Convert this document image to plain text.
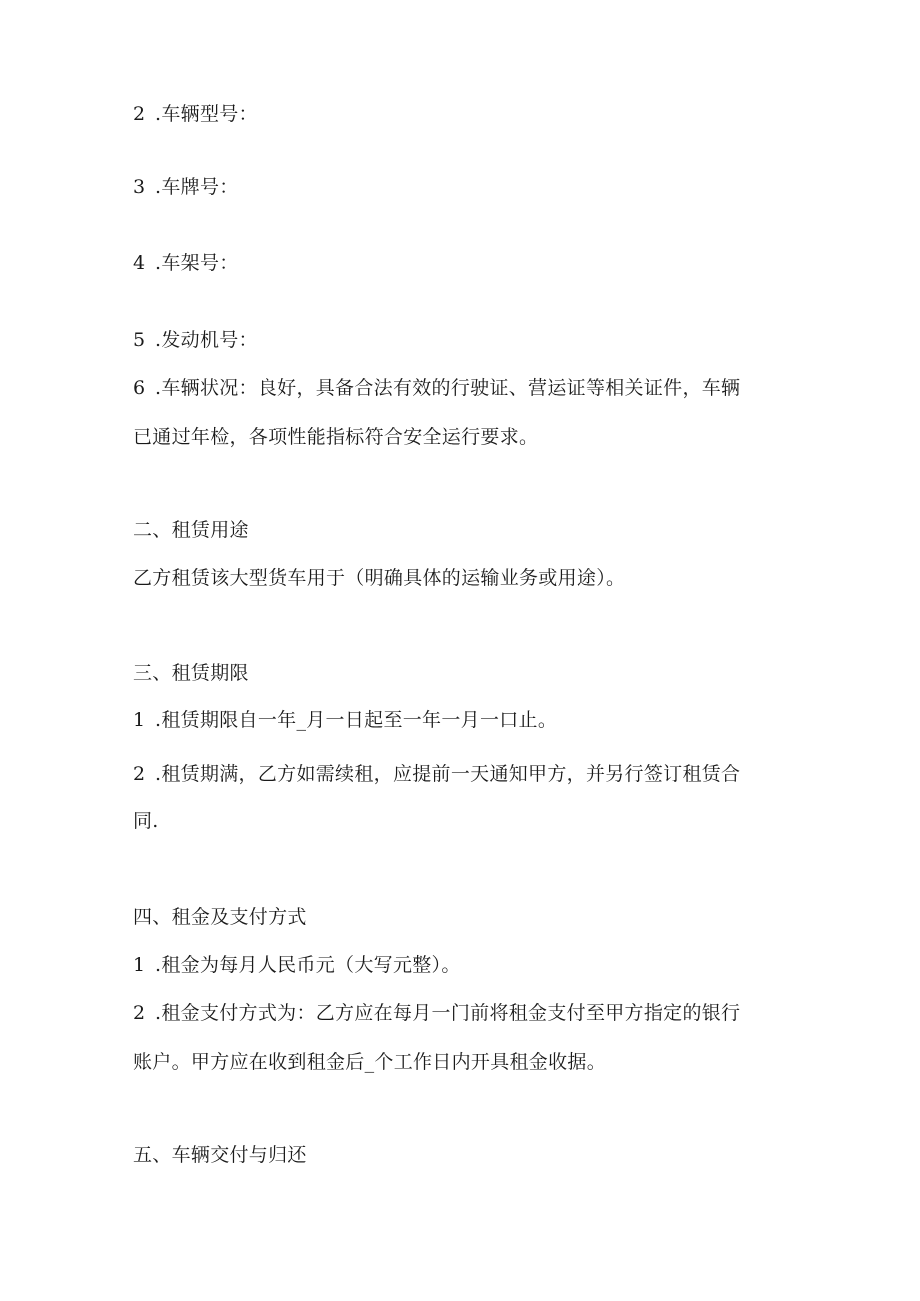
2 .车辆型号：
3 .车牌号：
4 .车架号：
5 .发动机号：
6 .车辆状况：良好，具备合法有效的行驶证、营运证等相关证件，车辆
已通过年检，各项性能指标符合安全运行要求。
二、租赁用途
乙方租赁该大型货车用于（明确具体的运输业务或用途）。
三、租赁期限
1 .租赁期限自一年_月一日起至一年一月一口止。
2 .租赁期满，乙方如需续租，应提前一天通知甲方，并另行签订租赁合
同.
四、租金及支付方式
1 .租金为每月人民币元（大写元整）。
2 .租金支付方式为：乙方应在每月一门前将租金支付至甲方指定的银行
账户。甲方应在收到租金后_个工作日内开具租金收据。
五、车辆交付与归还
